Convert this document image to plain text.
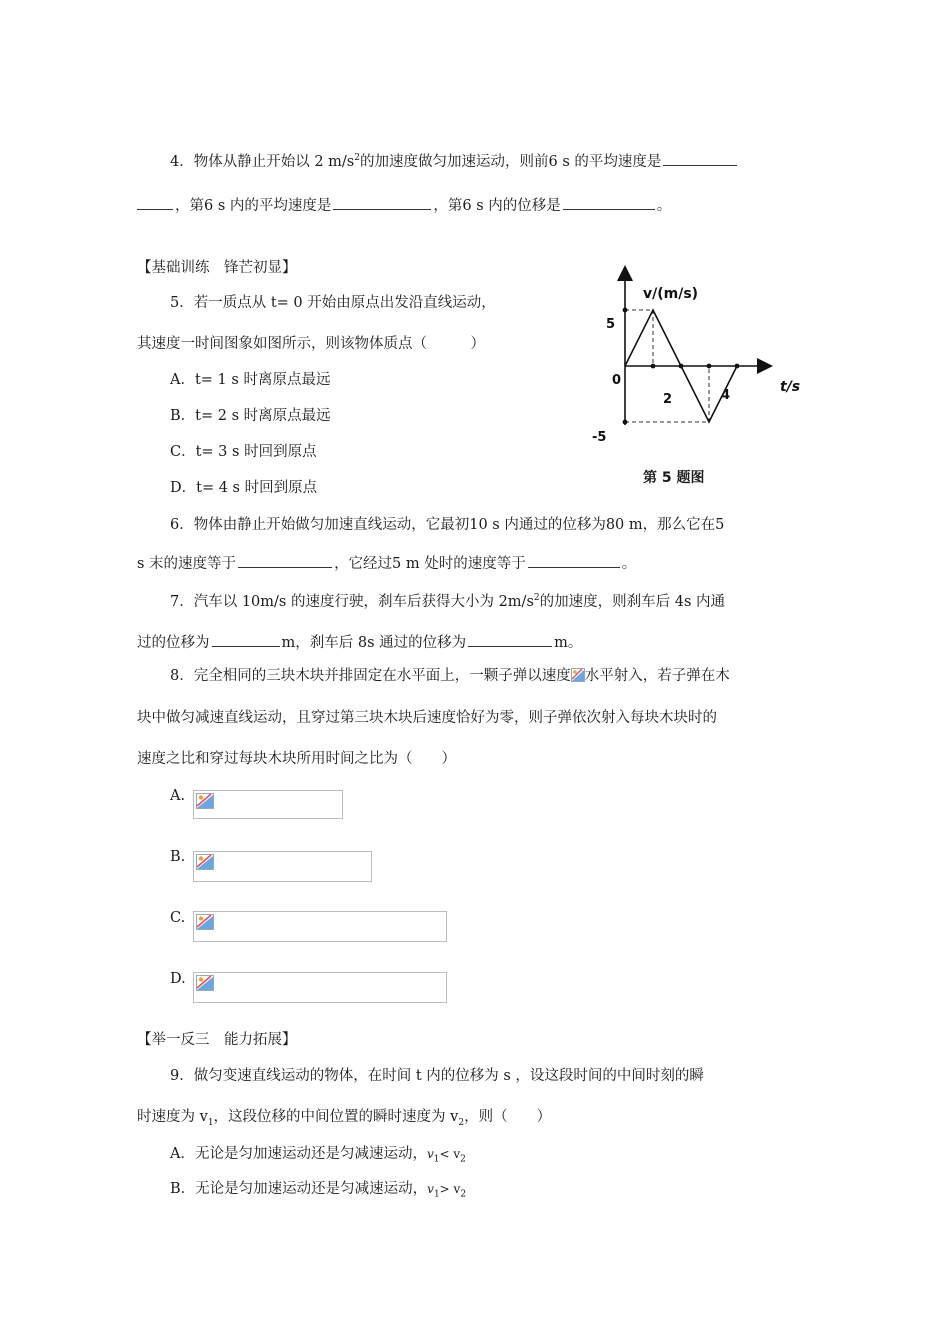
4．物体从静止开始以 2 $m/s^2$的加速度做匀加速运动，则前6 s 的平均速度是
，第6 s 内的平均速度是	，第6 s 内的位移是	。
【基础训练　锋芒初显】
5．若一质点从 t= 0 开始由原点出发沿直线运动，
其速度一时间图象如图所示，则该物体质点（　　　）
A．t= 1 s 时离原点最远
B．t= 2 s 时离原点最远
C．t= 3 s 时回到原点
D．t= 4 s 时回到原点
v/(m/s)
t/s
5
0
2	4
-5
第 5 题图
6．物体由静止开始做匀加速直线运动，它最初10 s 内通过的位移为80 m，那么它在5
s 末的速度等于	，它经过5 m 处时的速度等于	。
7．汽车以 10m/s 的速度行驶，刹车后获得大小为 $2m/s^2$的加速度，则刹车后 4s 内通
过的位移为	m，刹车后 8s 通过的位移为	m。
8．完全相同的三块木块并排固定在水平面上，一颗子弹以速度 水平射入，若子弹在木
块中做匀减速直线运动，且穿过第三块木块后速度恰好为零，则子弹依次射入每块木块时的
速度之比和穿过每块木块所用时间之比为（　　）
A.
B.
C.
D.
【举一反三　能力拓展】
9．做匀变速直线运动的物体，在时间 t 内的位移为 s ，设这段时间的中间时刻的瞬
时速度为 $v_1$，这段位移的中间位置的瞬时速度为 $v_2$，则（　　）
A．无论是匀加速运动还是匀减速运动，$v_1< v_2$
B．无论是匀加速运动还是匀减速运动，$v_1> v_2$
